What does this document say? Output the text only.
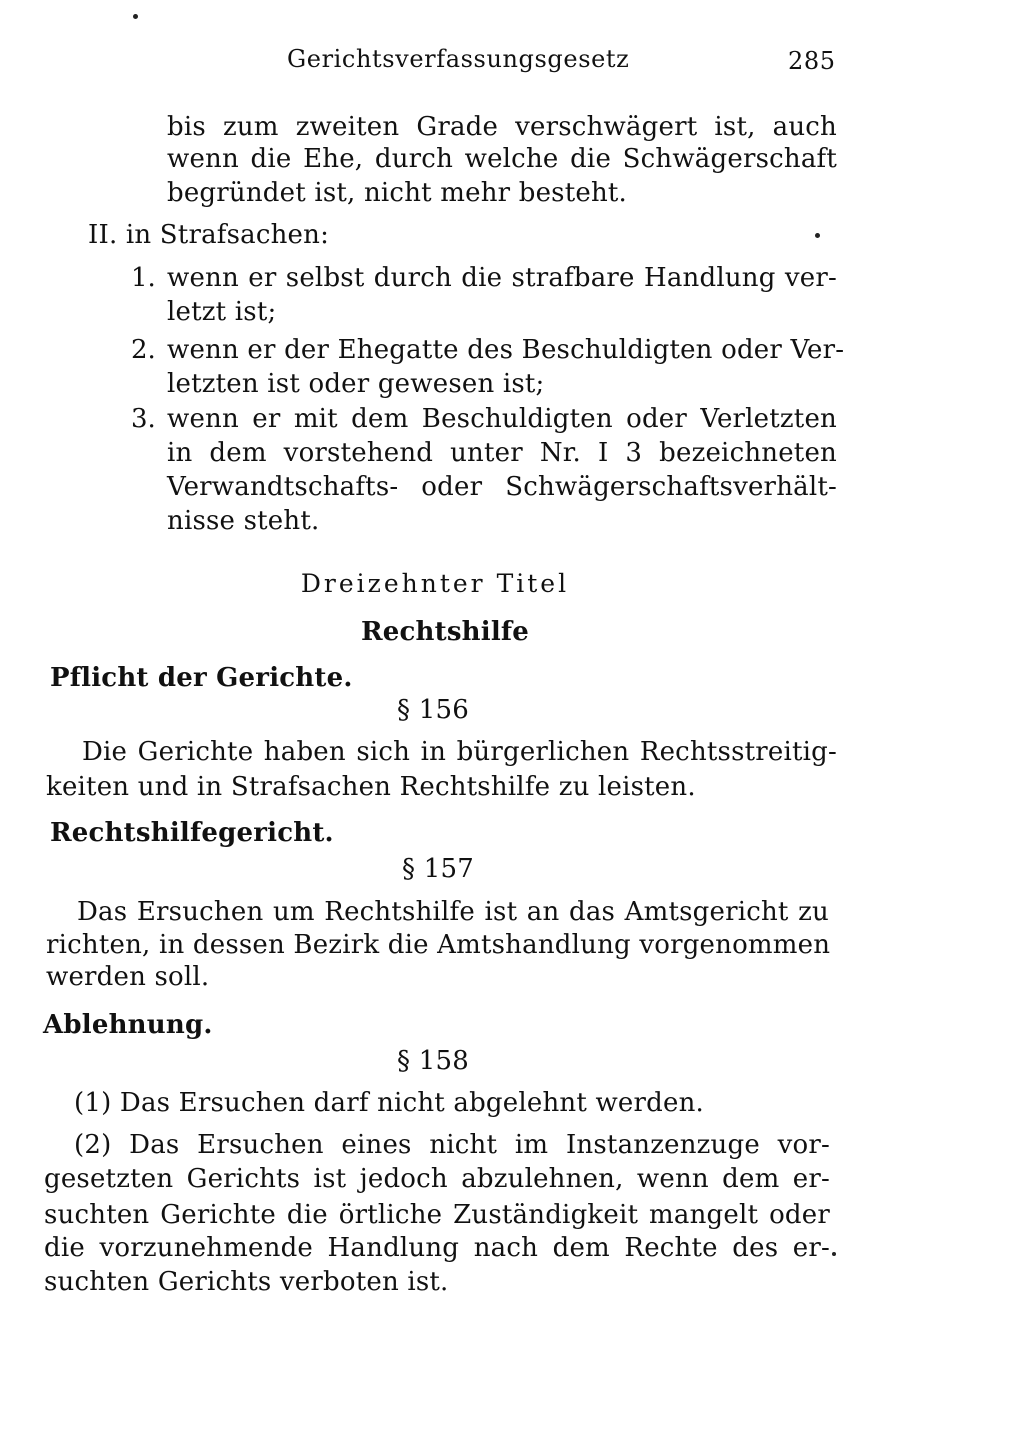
Gerichtsverfassungsgesetz	285
bis zum zweiten Grade verschwägert ist, auch
wenn die Ehe, durch welche die Schwägerschaft
begründet ist, nicht mehr besteht.
II. in Strafsachen:
1. wenn er selbst durch die strafbare Handlung ver-
letzt ist;
2. wenn er der Ehegatte des Beschuldigten oder Ver-
letzten ist oder gewesen ist;
3. wenn er mit dem Beschuldigten oder Verletzten
in dem vorstehend unter Nr. I 3 bezeichneten
Verwandtschafts- oder Schwägerschaftsverhält-
nisse steht.
Dreizehnter Titel
Rechtshilfe
Pflicht der Gerichte.
§ 156
Die Gerichte haben sich in bürgerlichen Rechtsstreitig-
keiten und in Strafsachen Rechtshilfe zu leisten.
Rechtshilfegericht.
§ 157
Das Ersuchen um Rechtshilfe ist an das Amtsgericht zu
richten, in dessen Bezirk die Amtshandlung vorgenommen
werden soll.
Ablehnung.
§ 158
(1) Das Ersuchen darf nicht abgelehnt werden.
(2) Das Ersuchen eines nicht im Instanzenzuge vor-
gesetzten Gerichts ist jedoch abzulehnen, wenn dem er-
suchten Gerichte die örtliche Zuständigkeit mangelt oder
die vorzunehmende Handlung nach dem Rechte des er-
suchten Gerichts verboten ist.
